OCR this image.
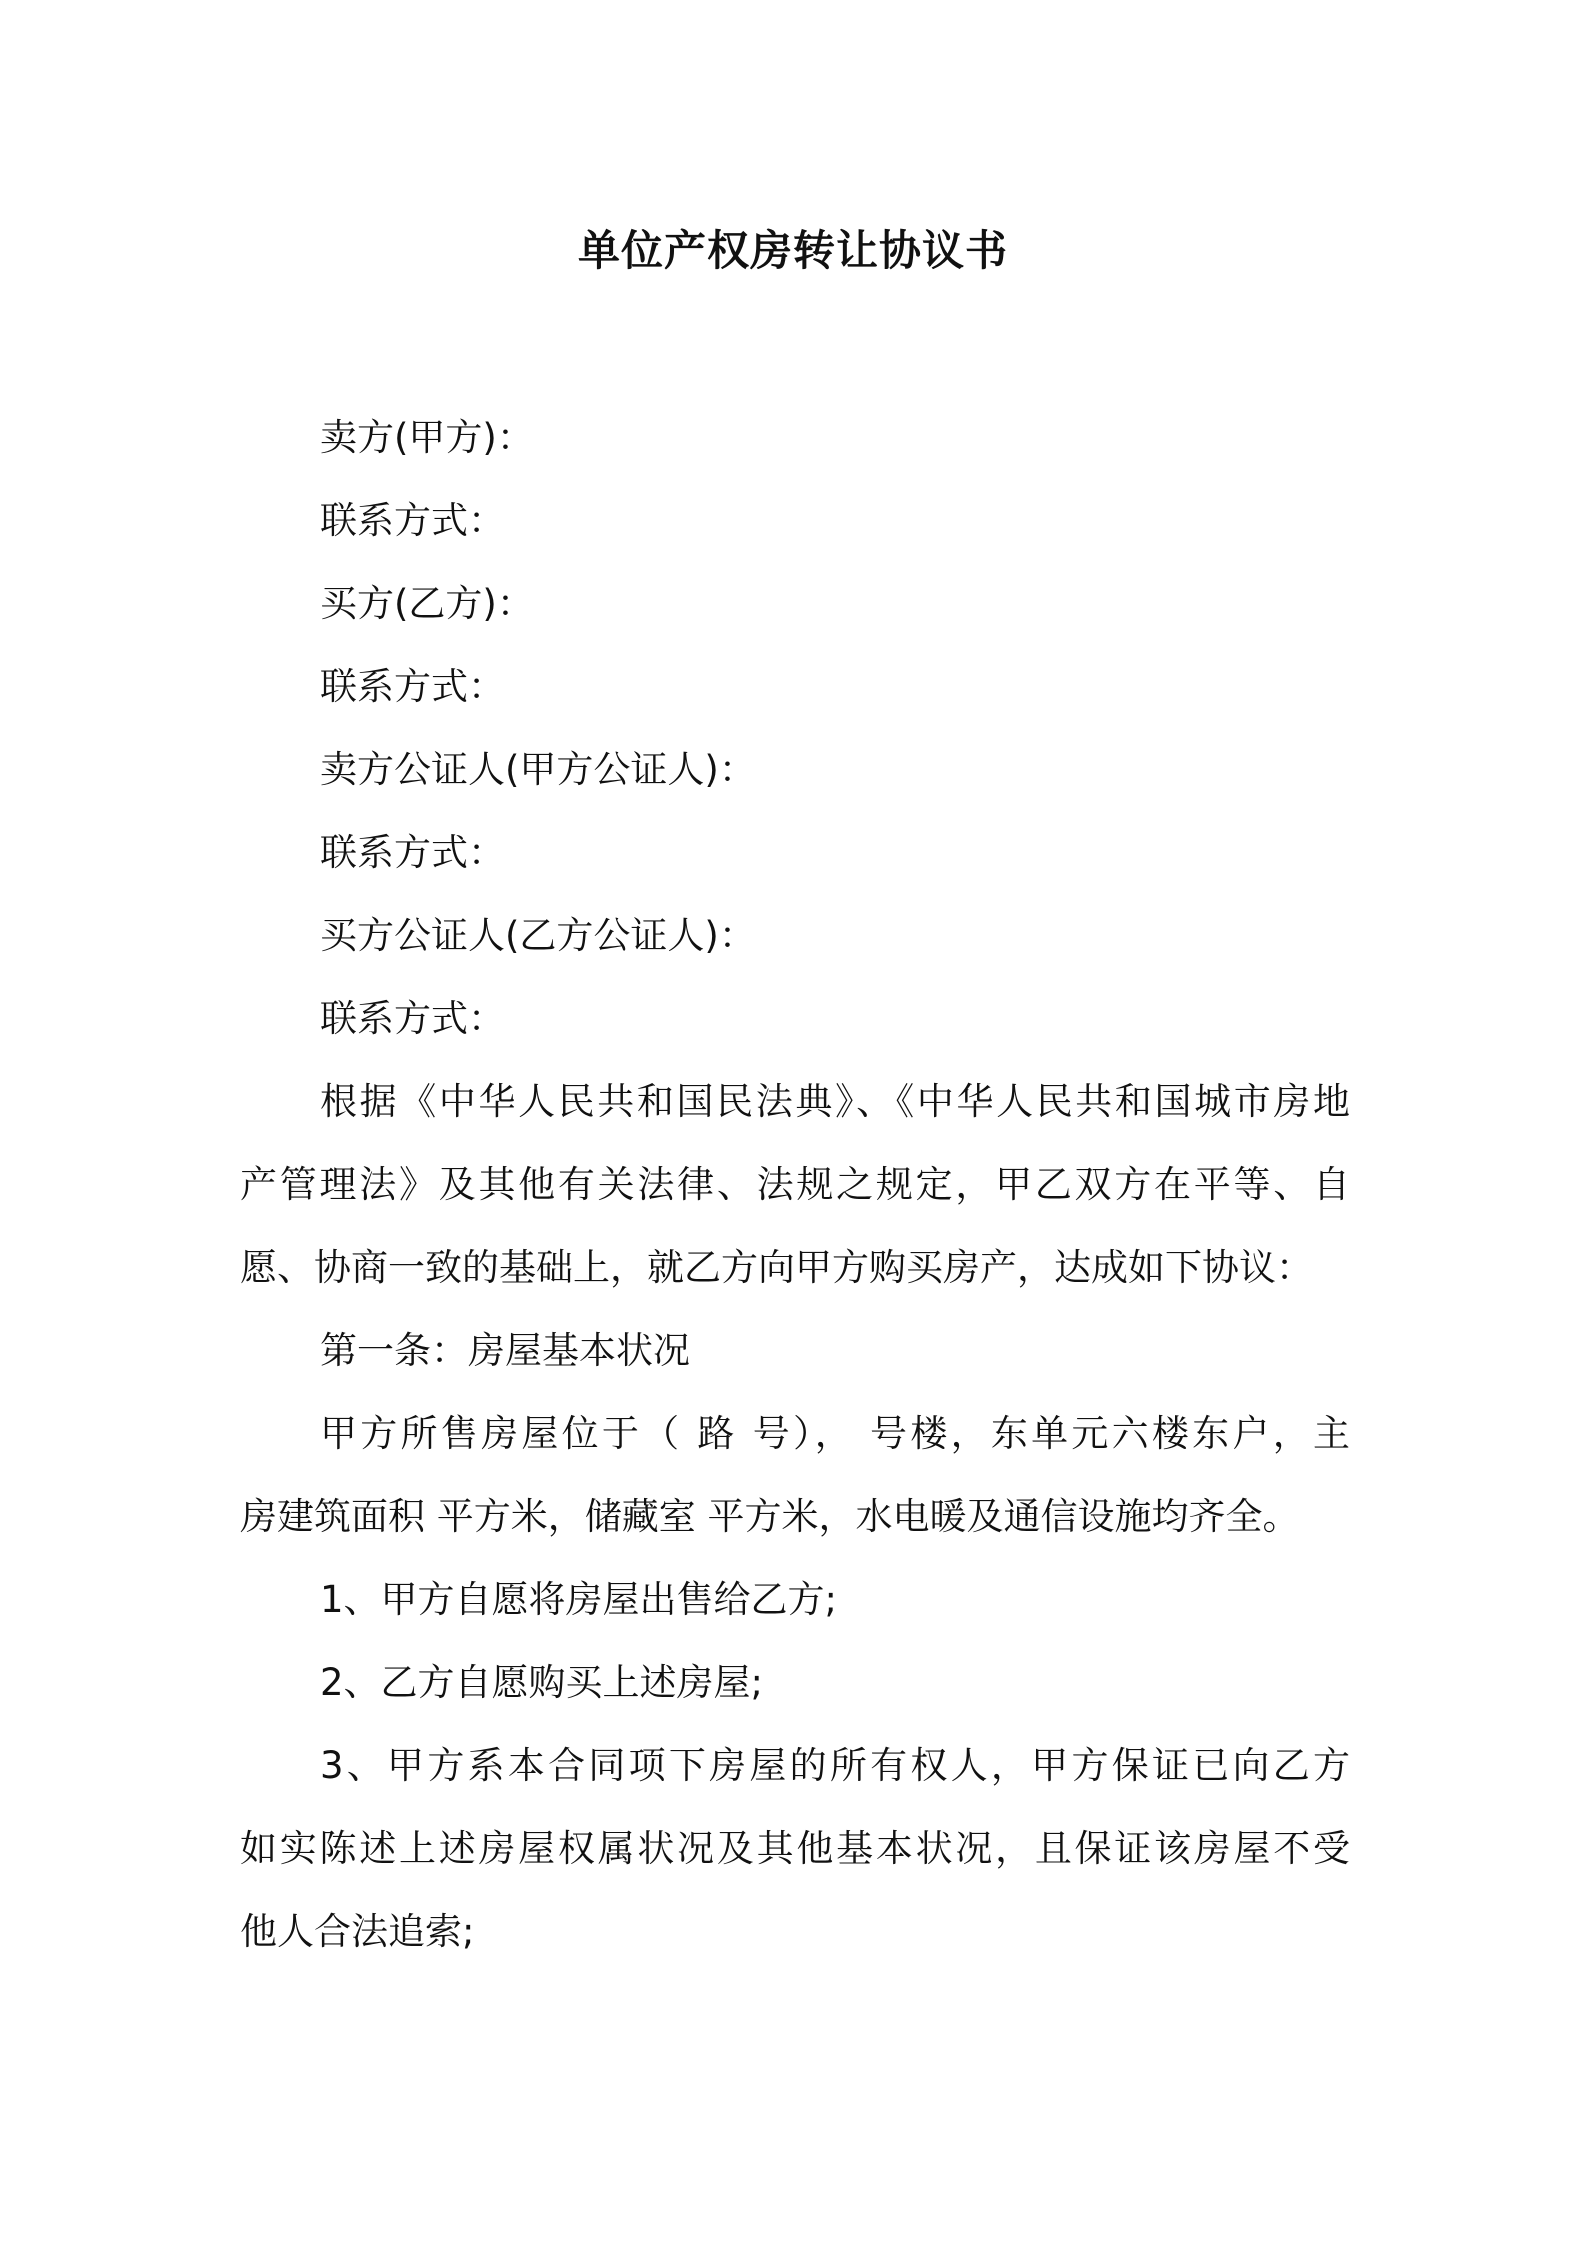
单位产权房转让协议书
卖方(甲方)：
联系方式：
买方(乙方)：
联系方式：
卖方公证人(甲方公证人)：
联系方式：
买方公证人(乙方公证人)：
联系方式：
根据《中华人民共和国民法典》、《中华人民共和国城市房地
产管理法》及其他有关法律、法规之规定，甲乙双方在平等、自
愿、协商一致的基础上，就乙方向甲方购买房产，达成如下协议：
第一条：房屋基本状况
甲方所售房屋位于（ 路 号）， 号楼，东单元六楼东户，主
房建筑面积 平方米，储藏室 平方米，水电暖及通信设施均齐全。
1、甲方自愿将房屋出售给乙方;
2、乙方自愿购买上述房屋;
3、甲方系本合同项下房屋的所有权人，甲方保证已向乙方
如实陈述上述房屋权属状况及其他基本状况，且保证该房屋不受
他人合法追索;
